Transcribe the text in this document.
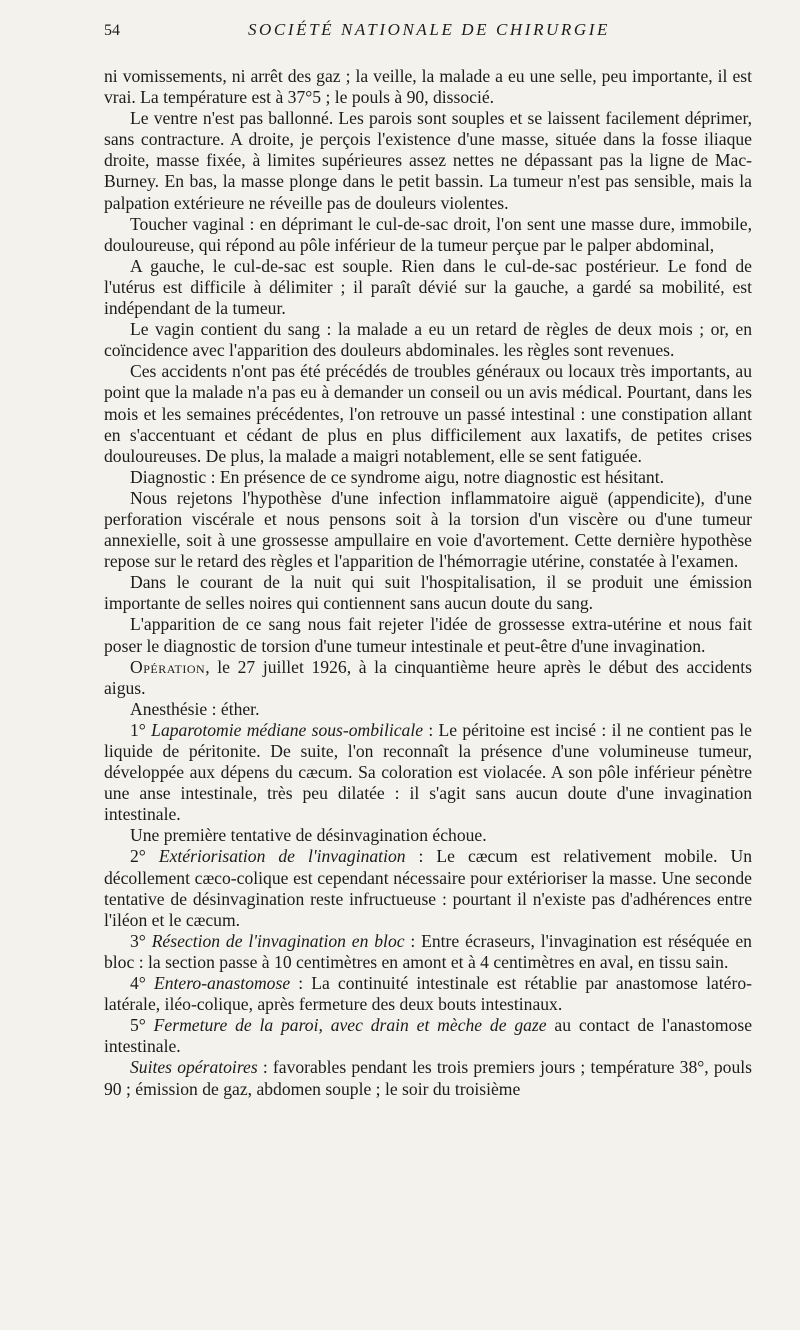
54	SOCIÉTÉ NATIONALE DE CHIRURGIE

ni vomissements, ni arrêt des gaz ; la veille, la malade a eu une selle, peu importante, il est vrai. La température est à 37°5 ; le pouls à 90, dissocié.

Le ventre n'est pas ballonné. Les parois sont souples et se laissent facilement déprimer, sans contracture. A droite, je perçois l'existence d'une masse, située dans la fosse iliaque droite, masse fixée, à limites supérieures assez nettes ne dépassant pas la ligne de Mac-Burney. En bas, la masse plonge dans le petit bassin. La tumeur n'est pas sensible, mais la palpation extérieure ne réveille pas de douleurs violentes.

Toucher vaginal : en déprimant le cul-de-sac droit, l'on sent une masse dure, immobile, douloureuse, qui répond au pôle inférieur de la tumeur perçue par le palper abdominal,

A gauche, le cul-de-sac est souple. Rien dans le cul-de-sac postérieur. Le fond de l'utérus est difficile à délimiter ; il paraît dévié sur la gauche, a gardé sa mobilité, est indépendant de la tumeur.

Le vagin contient du sang : la malade a eu un retard de règles de deux mois ; or, en coïncidence avec l'apparition des douleurs abdominales. les règles sont revenues.

Ces accidents n'ont pas été précédés de troubles généraux ou locaux très importants, au point que la malade n'a pas eu à demander un conseil ou un avis médical. Pourtant, dans les mois et les semaines précédentes, l'on retrouve un passé intestinal : une constipation allant en s'accentuant et cédant de plus en plus difficilement aux laxatifs, de petites crises douloureuses. De plus, la malade a maigri notablement, elle se sent fatiguée.

Diagnostic : En présence de ce syndrome aigu, notre diagnostic est hésitant.

Nous rejetons l'hypothèse d'une infection inflammatoire aiguë (appendicite), d'une perforation viscérale et nous pensons soit à la torsion d'un viscère ou d'une tumeur annexielle, soit à une grossesse ampullaire en voie d'avortement. Cette dernière hypothèse repose sur le retard des règles et l'apparition de l'hémorragie utérine, constatée à l'examen.

Dans le courant de la nuit qui suit l'hospitalisation, il se produit une émission importante de selles noires qui contiennent sans aucun doute du sang.

L'apparition de ce sang nous fait rejeter l'idée de grossesse extra-utérine et nous fait poser le diagnostic de torsion d'une tumeur intestinale et peut-être d'une invagination.

Opération, le 27 juillet 1926, à la cinquantième heure après le début des accidents aigus.

Anesthésie : éther.

1° Laparotomie médiane sous-ombilicale : Le péritoine est incisé : il ne contient pas le liquide de péritonite. De suite, l'on reconnaît la présence d'une volumineuse tumeur, développée aux dépens du cæcum. Sa coloration est violacée. A son pôle inférieur pénètre une anse intestinale, très peu dilatée : il s'agit sans aucun doute d'une invagination intestinale.

Une première tentative de désinvagination échoue.

2° Extériorisation de l'invagination : Le cæcum est relativement mobile. Un décollement cæco-colique est cependant nécessaire pour extérioriser la masse. Une seconde tentative de désinvagination reste infructueuse : pourtant il n'existe pas d'adhérences entre l'iléon et le cæcum.

3° Résection de l'invagination en bloc : Entre écraseurs, l'invagination est réséquée en bloc : la section passe à 10 centimètres en amont et à 4 centimètres en aval, en tissu sain.

4° Entero-anastomose : La continuité intestinale est rétablie par anastomose latéro-latérale, iléo-colique, après fermeture des deux bouts intestinaux.

5° Fermeture de la paroi, avec drain et mèche de gaze au contact de l'anastomose intestinale.

Suites opératoires : favorables pendant les trois premiers jours ; température 38°, pouls 90 ; émission de gaz, abdomen souple ; le soir du troisième
